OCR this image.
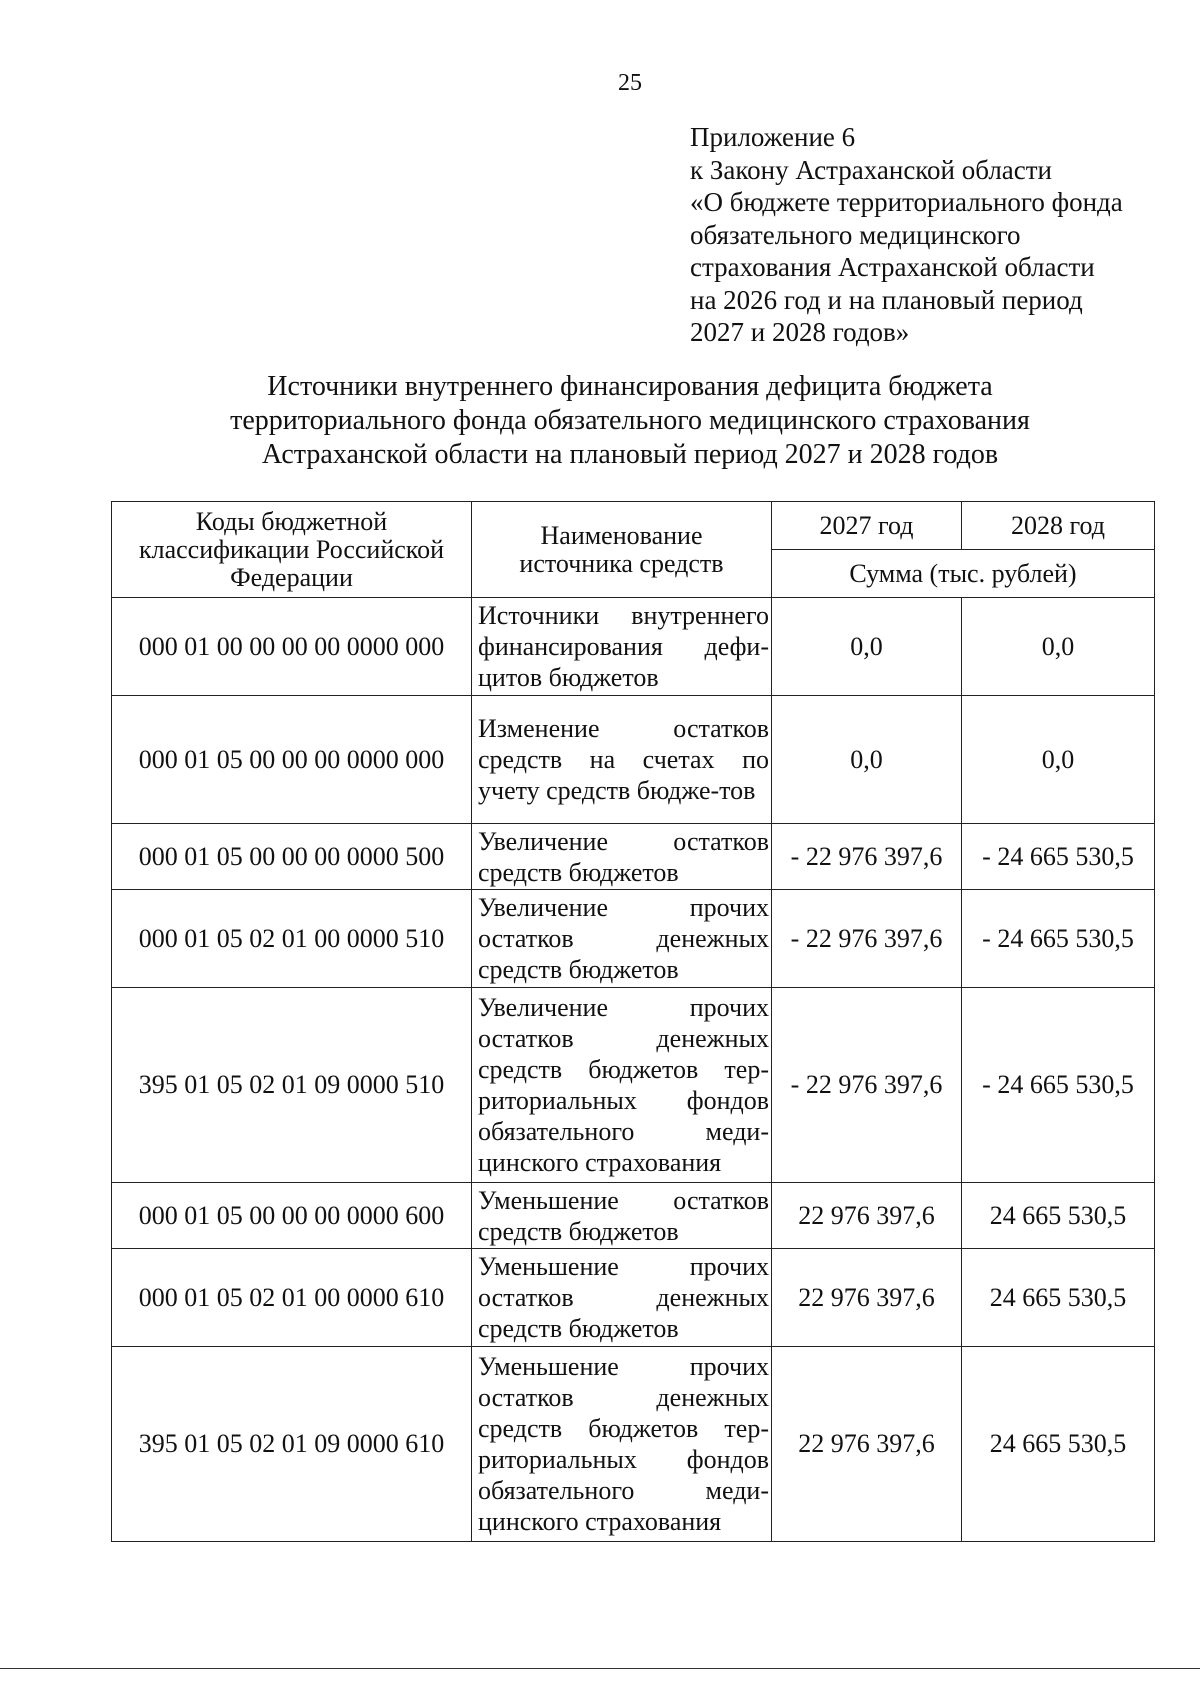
25
Приложение 6
к Закону Астраханской области
«О бюджете территориального фонда
обязательного медицинского
страхования Астраханской области
на 2026 год и на плановый период
2027 и 2028 годов»
Источники внутреннего финансирования дефицита бюджета
территориального фонда обязательного медицинского страхования
Астраханской области на плановый период 2027 и 2028 годов
Коды бюджетной классификации Российской Федерации	Наименование источника средств	2027 год	2028 год
		Сумма (тыс. рублей)	
000 01 00 00 00 00 0000 000	Источники внутреннего финансирования дефи-цитов бюджетов	0,0	0,0
000 01 05 00 00 00 0000 000	Изменение остатков средств на счетах по учету средств бюдже-тов	0,0	0,0
000 01 05 00 00 00 0000 500	Увеличение остатков средств бюджетов	- 22 976 397,6	- 24 665 530,5
000 01 05 02 01 00 0000 510	Увеличение прочих остатков денежных средств бюджетов	- 22 976 397,6	- 24 665 530,5
395 01 05 02 01 09 0000 510	Увеличение прочих остатков денежных средств бюджетов тер-риториальных фондов обязательного меди-цинского страхования	- 22 976 397,6	- 24 665 530,5
000 01 05 00 00 00 0000 600	Уменьшение остатков средств бюджетов	22 976 397,6	24 665 530,5
000 01 05 02 01 00 0000 610	Уменьшение прочих остатков денежных средств бюджетов	22 976 397,6	24 665 530,5
395 01 05 02 01 09 0000 610	Уменьшение прочих остатков денежных средств бюджетов тер-риториальных фондов обязательного меди-цинского страхования	22 976 397,6	24 665 530,5
